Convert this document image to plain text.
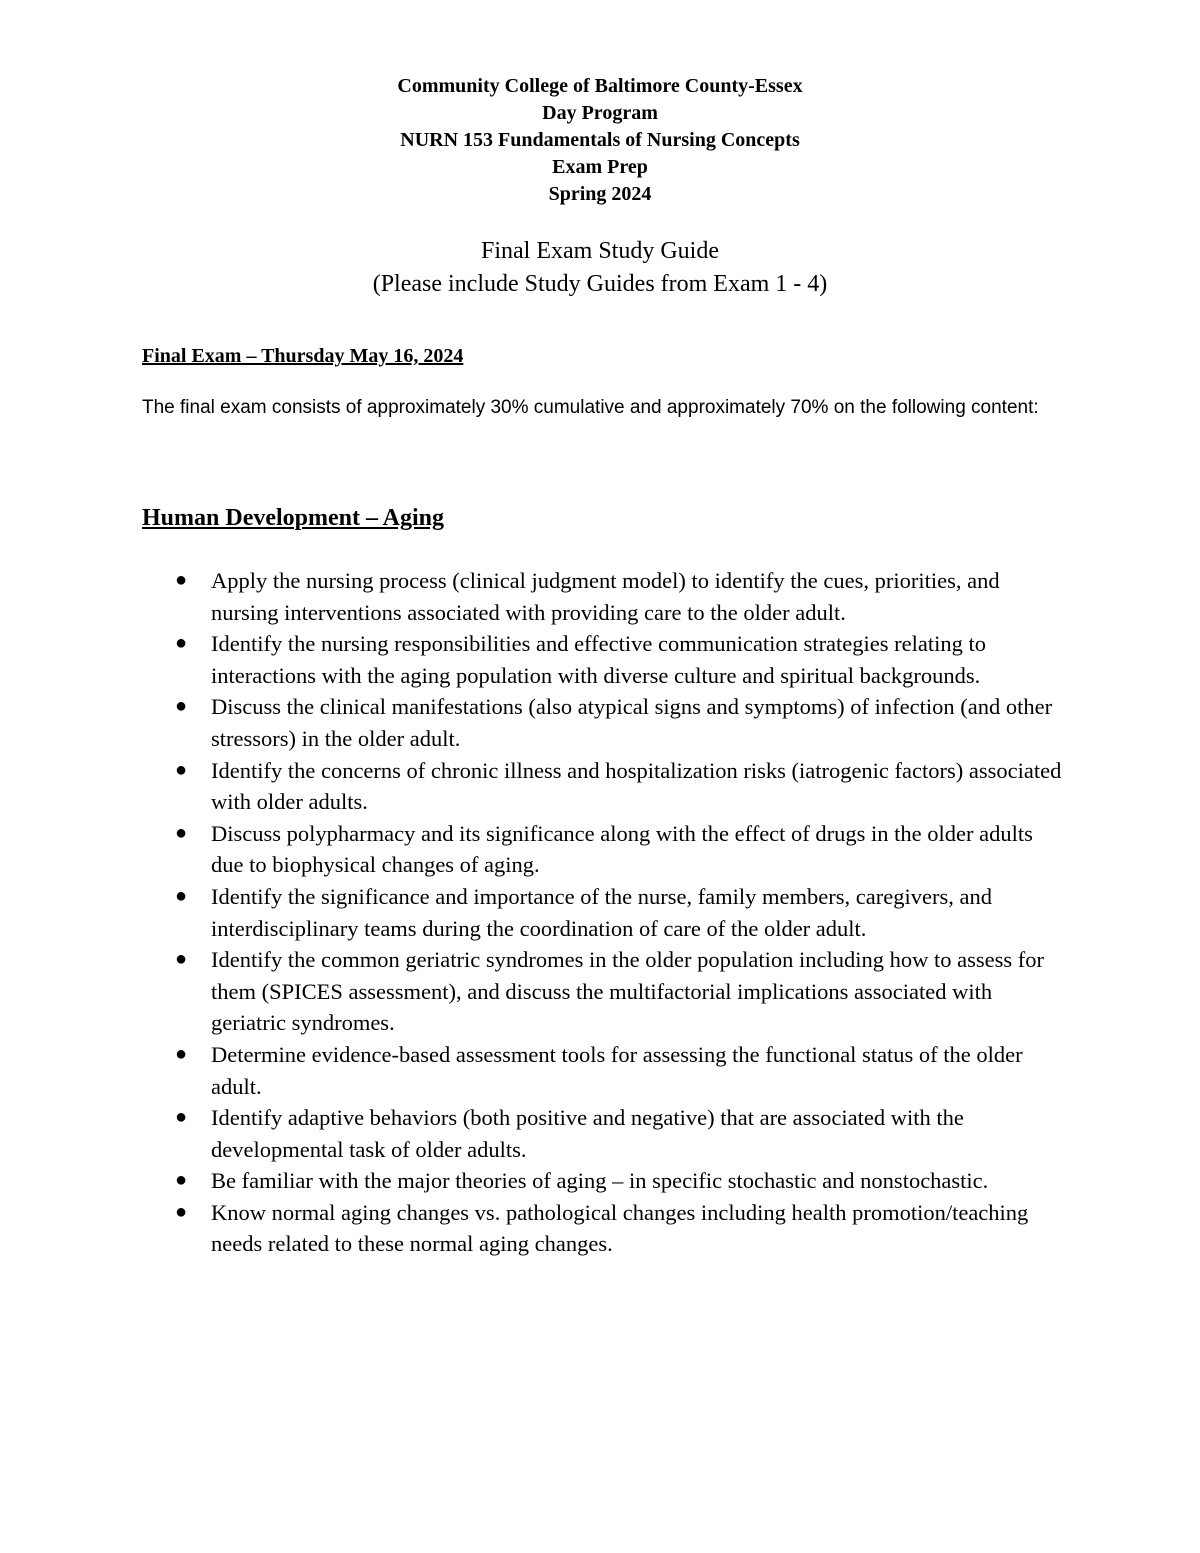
Community College of Baltimore County-Essex
Day Program
NURN 153 Fundamentals of Nursing Concepts
Exam Prep
Spring 2024
Final Exam Study Guide
(Please include Study Guides from Exam 1 - 4)
Final Exam – Thursday May 16, 2024
The final exam consists of approximately 30% cumulative and approximately 70% on the following content:
Human Development – Aging
● Apply the nursing process (clinical judgment model) to identify the cues, priorities, and nursing interventions associated with providing care to the older adult.
● Identify the nursing responsibilities and effective communication strategies relating to interactions with the aging population with diverse culture and spiritual backgrounds.
● Discuss the clinical manifestations (also atypical signs and symptoms) of infection (and other stressors) in the older adult.
● Identify the concerns of chronic illness and hospitalization risks (iatrogenic factors) associated with older adults.
● Discuss polypharmacy and its significance along with the effect of drugs in the older adults due to biophysical changes of aging.
● Identify the significance and importance of the nurse, family members, caregivers, and interdisciplinary teams during the coordination of care of the older adult.
● Identify the common geriatric syndromes in the older population including how to assess for them (SPICES assessment), and discuss the multifactorial implications associated with geriatric syndromes.
● Determine evidence-based assessment tools for assessing the functional status of the older adult.
● Identify adaptive behaviors (both positive and negative) that are associated with the developmental task of older adults.
● Be familiar with the major theories of aging – in specific stochastic and nonstochastic.
● Know normal aging changes vs. pathological changes including health promotion/teaching needs related to these normal aging changes.
